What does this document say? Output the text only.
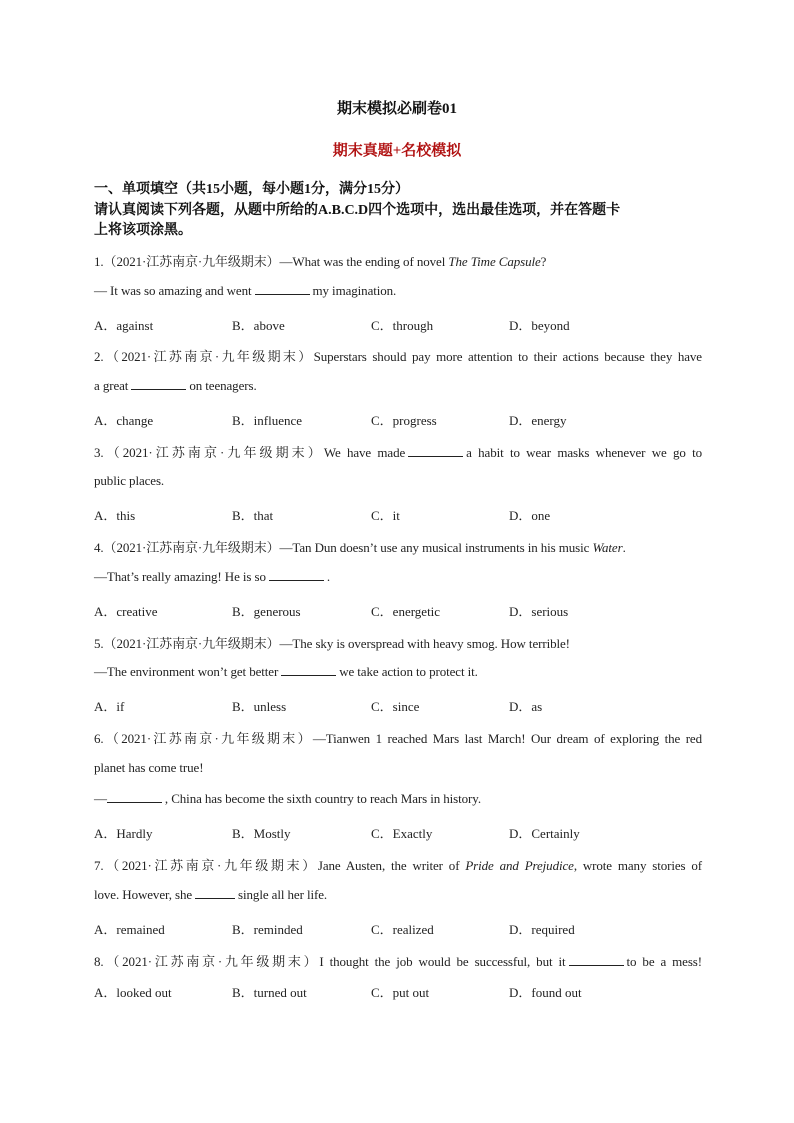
期末模拟必刷卷01
期末真题+名校模拟
一、单项填空（共15小题，每小题1分，满分15分）
请认真阅读下列各题，从题中所给的A.B.C.D四个选项中，选出最佳选项，并在答题卡
上将该项涂黑。
1.（2021·江苏南京·九年级期末）—What was the ending of novel The Time Capsule?
— It was so amazing and went	my imagination.
A．against	B．above	C．through	D．beyond
2.（2021·江苏南京·九年级期末）Superstars should pay more attention to their actions because they have
a great	on teenagers.
A．change	B．influence	C．progress	D．energy
3.（2021·江苏南京·九年级期末）We have made	a habit to wear masks whenever we go to
public places.
A．this	B．that	C．it	D．one
4.（2021·江苏南京·九年级期末）—Tan Dun doesn’t use any musical instruments in his music Water.
—That’s really amazing! He is so	.
A．creative	B．generous	C．energetic	D．serious
5.（2021·江苏南京·九年级期末）—The sky is overspread with heavy smog. How terrible!
—The environment won’t get better	we take action to protect it.
A．if	B．unless	C．since	D．as
6.（2021·江苏南京·九年级期末）—Tianwen 1 reached Mars last March! Our dream of exploring the red
planet has come true!
—	, China has become the sixth country to reach Mars in history.
A．Hardly	B．Mostly	C．Exactly	D．Certainly
7.（2021·江苏南京·九年级期末）Jane Austen, the writer of Pride and Prejudice, wrote many stories of
love. However, she	single all her life.
A．remained	B．reminded	C．realized	D．required
8.（2021·江苏南京·九年级期末）I thought the job would be successful, but it	to be a mess!
A．looked out	B．turned out	C．put out	D．found out
